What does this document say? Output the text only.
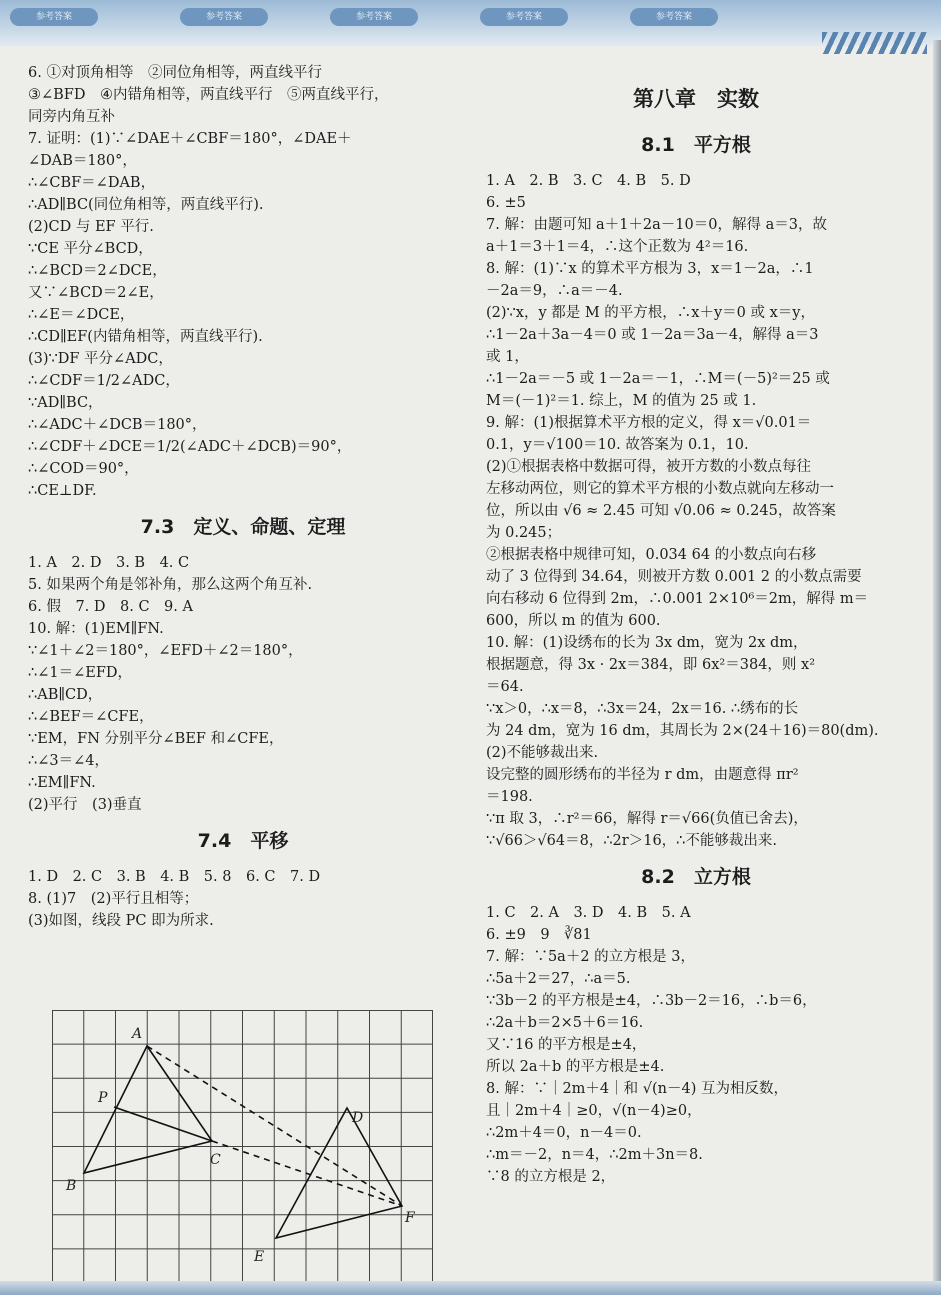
参考答案	参考答案	参考答案	参考答案	参考答案
6. ①对顶角相等　②同位角相等，两直线平行
③∠BFD　④内错角相等，两直线平行　⑤两直线平行，
同旁内角互补
7. 证明：(1)∵∠DAE＋∠CBF＝180°，∠DAE＋
∠DAB＝180°，
∴∠CBF＝∠DAB，
∴AD∥BC(同位角相等，两直线平行).
(2)CD 与 EF 平行.
∵CE 平分∠BCD，
∴∠BCD＝2∠DCE，
又∵∠BCD＝2∠E，
∴∠E＝∠DCE，
∴CD∥EF(内错角相等，两直线平行).
(3)∵DF 平分∠ADC，
∴∠CDF＝1/2∠ADC，
∵AD∥BC，
∴∠ADC＋∠DCB＝180°，
∴∠CDF＋∠DCE＝1/2(∠ADC＋∠DCB)＝90°，
∴∠COD＝90°，
∴CE⊥DF.
7.3　定义、命题、定理
1. A　2. D　3. B　4. C
5. 如果两个角是邻补角，那么这两个角互补.
6. 假　7. D　8. C　9. A
10. 解：(1)EM∥FN.
∵∠1＋∠2＝180°，∠EFD＋∠2＝180°，
∴∠1＝∠EFD，
∴AB∥CD，
∴∠BEF＝∠CFE，
∵EM，FN 分别平分∠BEF 和∠CFE，
∴∠3＝∠4，
∴EM∥FN.
(2)平行　(3)垂直
7.4　平移
1. D　2. C　3. B　4. B　5. 8　6. C　7. D
8. (1)7　(2)平行且相等；
(3)如图，线段 PC 即为所求.
A
P
C
B
D
E
F
第八章　实数
8.1　平方根
1. A　2. B　3. C　4. B　5. D
6. ±5
7. 解：由题可知 a＋1＋2a－10＝0，解得 a＝3，故
a＋1＝3＋1＝4，∴这个正数为 4²＝16.
8. 解：(1)∵x 的算术平方根为 3，x＝1－2a，∴1
－2a＝9，∴a＝－4.
(2)∵x，y 都是 M 的平方根，∴x＋y＝0 或 x＝y，
∴1－2a＋3a－4＝0 或 1－2a＝3a－4，解得 a＝3
或 1，
∴1－2a＝－5 或 1－2a＝－1，∴M＝(－5)²＝25 或
M＝(－1)²＝1. 综上，M 的值为 25 或 1.
9. 解：(1)根据算术平方根的定义，得 x＝√0.01＝
0.1，y＝√100＝10. 故答案为 0.1，10.
(2)①根据表格中数据可得，被开方数的小数点每往
左移动两位，则它的算术平方根的小数点就向左移动一
位，所以由 √6 ≈ 2.45 可知 √0.06 ≈ 0.245，故答案
为 0.245；
②根据表格中规律可知，0.034 64 的小数点向右移
动了 3 位得到 34.64，则被开方数 0.001 2 的小数点需要
向右移动 6 位得到 2m，∴0.001 2×10⁶＝2m，解得 m＝
600，所以 m 的值为 600.
10. 解：(1)设绣布的长为 3x dm，宽为 2x dm，
根据题意，得 3x · 2x＝384，即 6x²＝384，则 x²
＝64.
∵x＞0，∴x＝8，∴3x＝24，2x＝16. ∴绣布的长
为 24 dm，宽为 16 dm，其周长为 2×(24＋16)＝80(dm).
(2)不能够裁出来.
设完整的圆形绣布的半径为 r dm，由题意得 πr²
＝198.
∵π 取 3，∴r²＝66，解得 r＝√66(负值已舍去)，
∵√66＞√64＝8，∴2r＞16，∴不能够裁出来.
8.2　立方根
1. C　2. A　3. D　4. B　5. A
6. ±9　9　∛81
7. 解：∵5a＋2 的立方根是 3，
∴5a＋2＝27，∴a＝5.
∵3b－2 的平方根是±4，∴3b－2＝16，∴b＝6，
∴2a＋b＝2×5＋6＝16.
又∵16 的平方根是±4，
所以 2a＋b 的平方根是±4.
8. 解：∵｜2m＋4｜和 √(n－4) 互为相反数，
且｜2m＋4｜≥0，√(n－4)≥0，
∴2m＋4＝0，n－4＝0.
∴m＝－2，n＝4，∴2m＋3n＝8.
∵8 的立方根是 2，
